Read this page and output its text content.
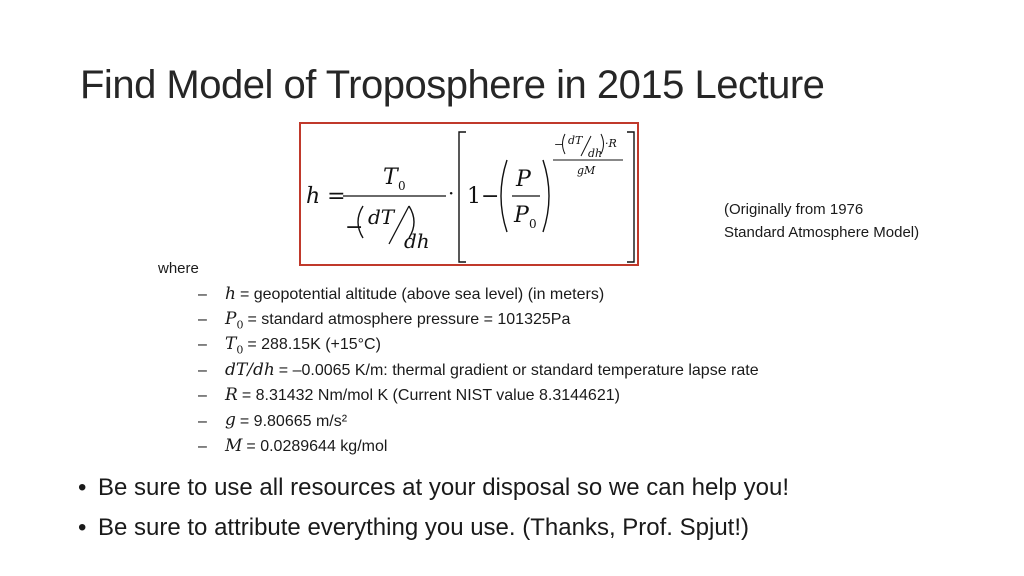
Find Model of Troposphere in 2015 Lecture
h =
T 0
− dT
dh
· 1−
P
P 0
− dT
dh
·R
gM
(Originally from 1976
Standard Atmosphere Model)
where
–	h = geopotential altitude (above sea level) (in meters)
–	$P_0$ = standard atmosphere pressure = 101325Pa
–	$T_0 = 288.15K$ (+15°C)
–	dT/dh = –0.0065 K/m: thermal gradient or standard temperature lapse rate
–	R = 8.31432 Nm/mol K (Current NIST value 8.3144621)
–	g = 9.80665 m/s²
–	M = 0.0289644 kg/mol
• Be sure to use all resources at your disposal so we can help you!
• Be sure to attribute everything you use. (Thanks, Prof. Spjut!)
